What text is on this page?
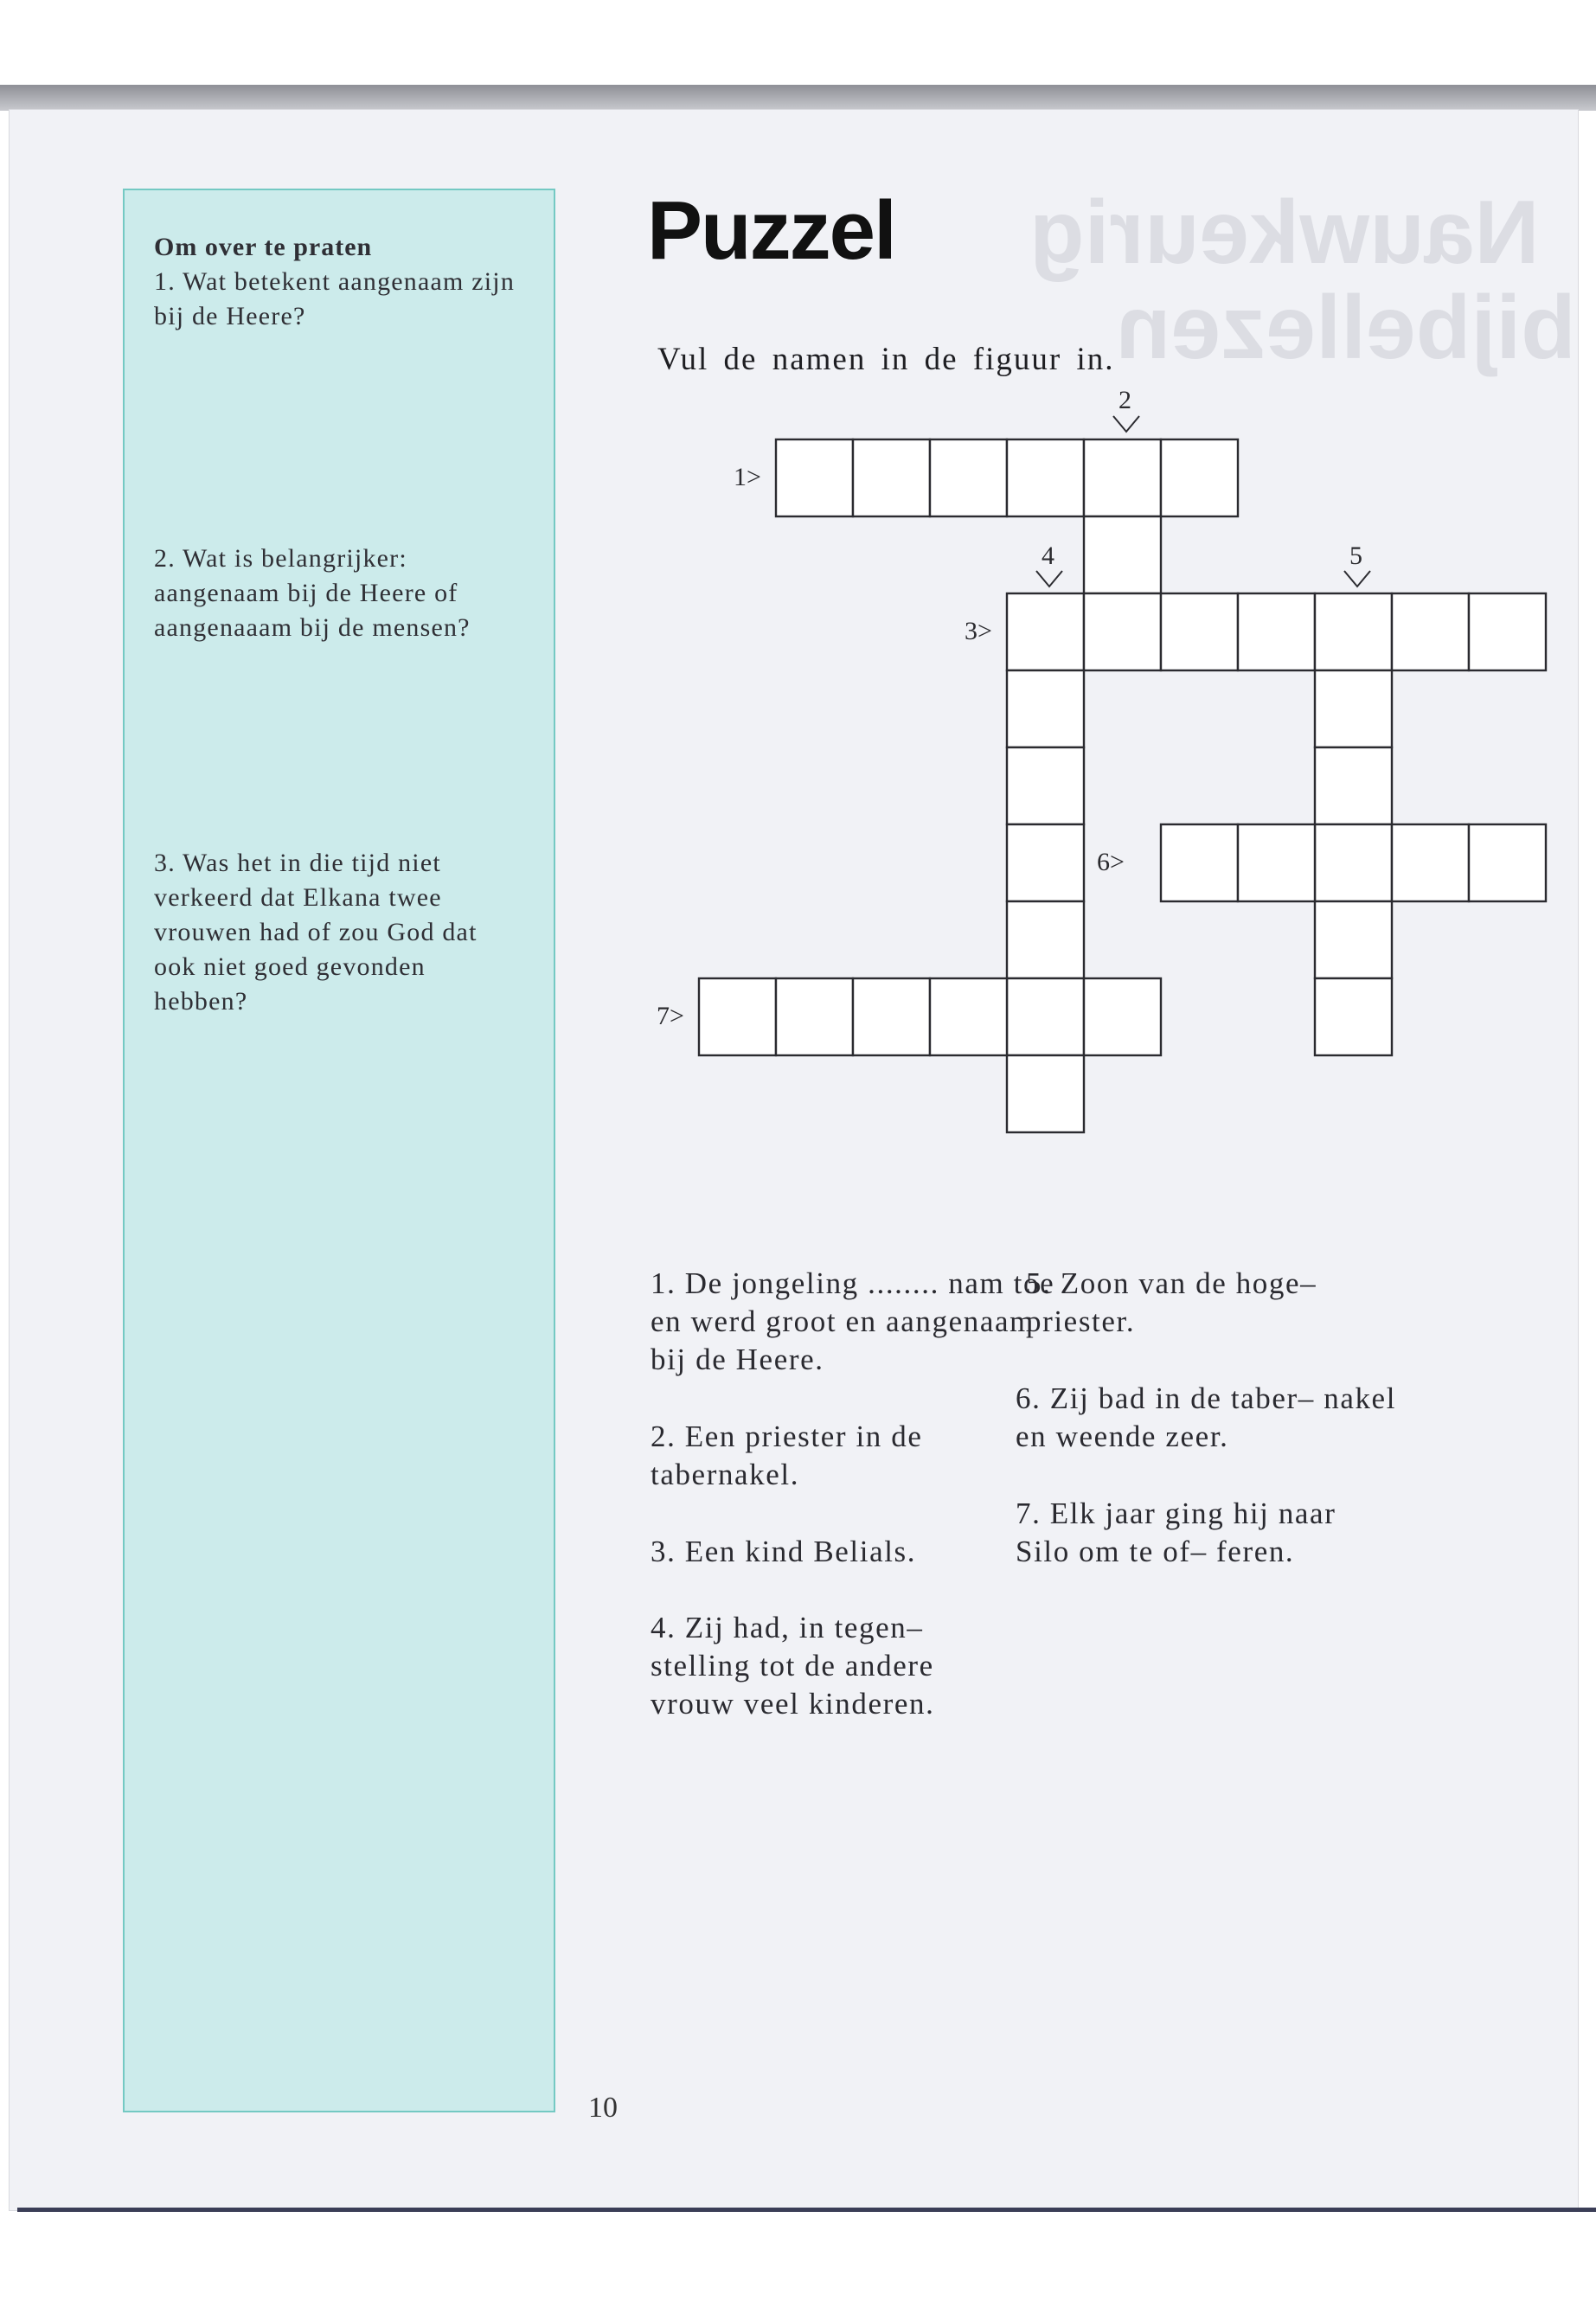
Nauwkeurig
bijbellezen
Om over te praten
1. Wat betekent aangenaam zijn bij de Heere?
2. Wat is belangrijker: aangenaam bij de Heere of aangenaaam bij de mensen?
3. Was het in die tijd niet verkeerd dat Elkana twee vrouwen had of zou God dat ook niet goed gevonden hebben?
Puzzel
Vul de namen in de figuur in.
1>
2
3>
4	5
6>
7>
1. De jongeling ........ nam toe en werd groot en aangenaam bij de Heere.
2. Een priester in de tabernakel.
3. Een kind Belials.
4. Zij had, in tegen– stelling tot de andere vrouw veel kinderen.
5. Zoon van de hoge– priester.
6. Zij bad in de taber– nakel en weende zeer.
7. Elk jaar ging hij naar Silo om te of– feren.
10
